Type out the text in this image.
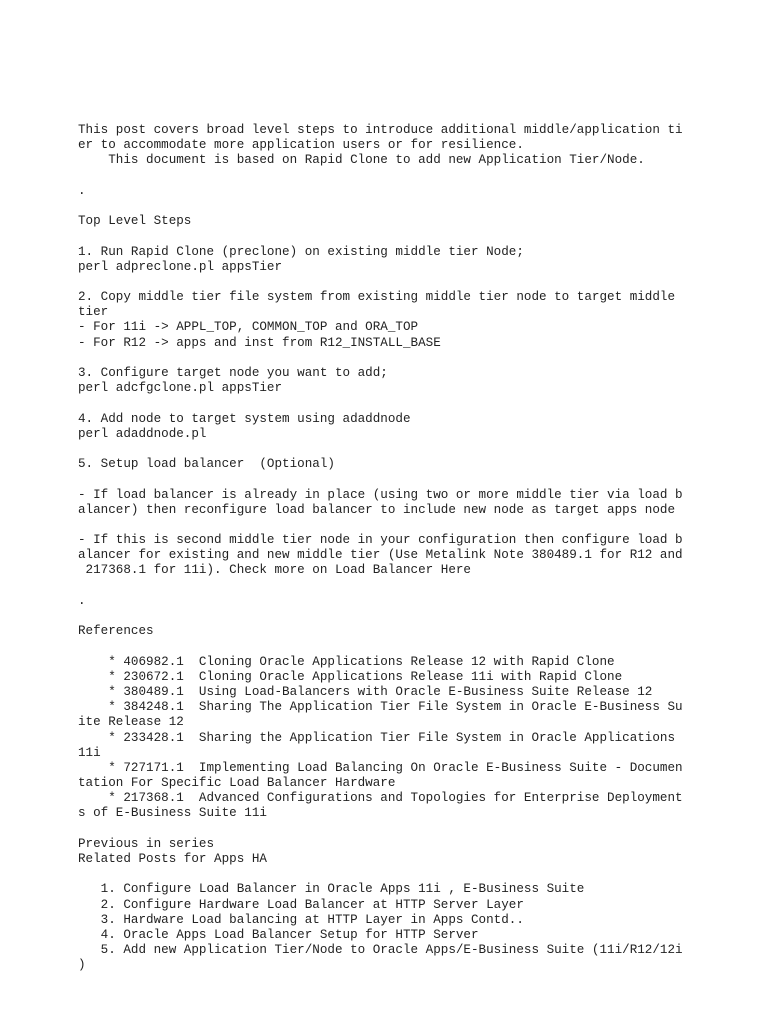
This post covers broad level steps to introduce additional middle/application ti
er to accommodate more application users or for resilience.
This document is based on Rapid Clone to add new Application Tier/Node.
.
Top Level Steps
1. Run Rapid Clone (preclone) on existing middle tier Node;
perl adpreclone.pl appsTier
2. Copy middle tier file system from existing middle tier node to target middle
tier
- For 11i -> APPL_TOP, COMMON_TOP and ORA_TOP
- For R12 -> apps and inst from R12_INSTALL_BASE
3. Configure target node you want to add;
perl adcfgclone.pl appsTier
4. Add node to target system using adaddnode
perl adaddnode.pl
5. Setup load balancer  (Optional)
- If load balancer is already in place (using two or more middle tier via load b
alancer) then reconfigure load balancer to include new node as target apps node
- If this is second middle tier node in your configuration then configure load b
alancer for existing and new middle tier (Use Metalink Note 380489.1 for R12 and
217368.1 for 11i). Check more on Load Balancer Here
.
References
* 406982.1  Cloning Oracle Applications Release 12 with Rapid Clone
* 230672.1  Cloning Oracle Applications Release 11i with Rapid Clone
* 380489.1  Using Load-Balancers with Oracle E-Business Suite Release 12
* 384248.1  Sharing The Application Tier File System in Oracle E-Business Su
ite Release 12
* 233428.1  Sharing the Application Tier File System in Oracle Applications
11i
* 727171.1  Implementing Load Balancing On Oracle E-Business Suite - Documen
tation For Specific Load Balancer Hardware
* 217368.1  Advanced Configurations and Topologies for Enterprise Deployment
s of E-Business Suite 11i
Previous in series
Related Posts for Apps HA
1. Configure Load Balancer in Oracle Apps 11i , E-Business Suite
2. Configure Hardware Load Balancer at HTTP Server Layer
3. Hardware Load balancing at HTTP Layer in Apps Contd..
4. Oracle Apps Load Balancer Setup for HTTP Server
5. Add new Application Tier/Node to Oracle Apps/E-Business Suite (11i/R12/12i
)
